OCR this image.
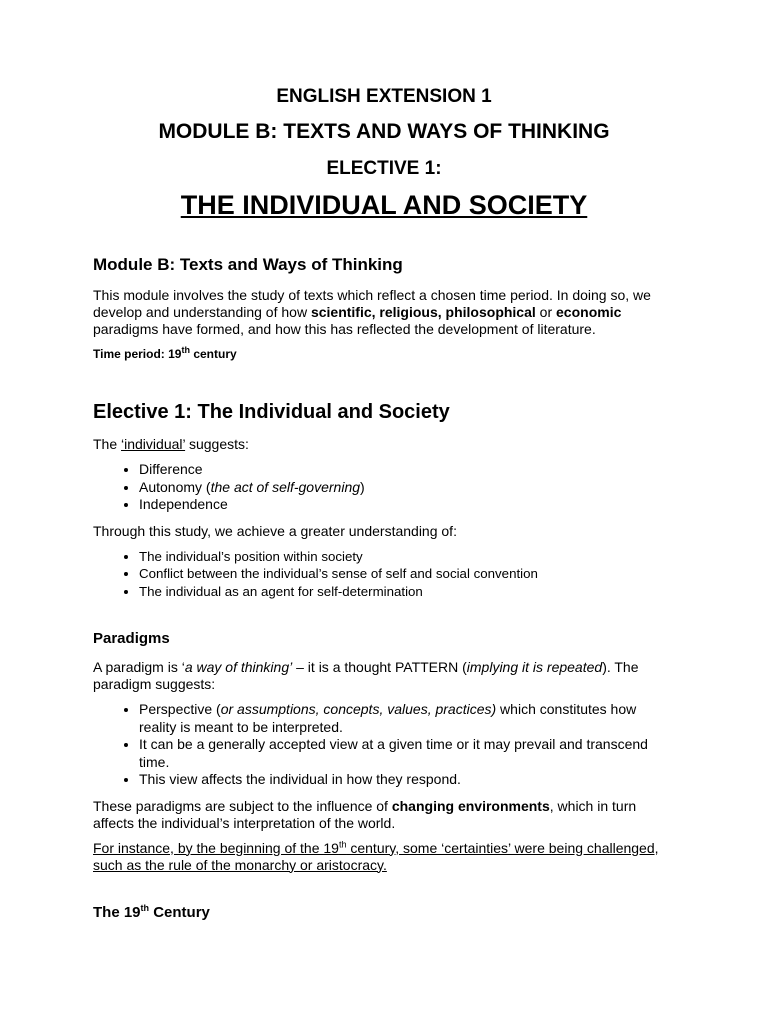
ENGLISH EXTENSION 1
MODULE B: TEXTS AND WAYS OF THINKING
ELECTIVE 1:
THE INDIVIDUAL AND SOCIETY
Module B: Texts and Ways of Thinking

This module involves the study of texts which reflect a chosen time period. In doing so, we develop and understanding of how scientific, religious, philosophical or economic paradigms have formed, and how this has reflected the development of literature.

Time period: 19th century

Elective 1: The Individual and Society

The ‘individual’ suggests:

• Difference
• Autonomy (the act of self-governing)
• Independence

Through this study, we achieve a greater understanding of:

• The individual’s position within society
• Conflict between the individual’s sense of self and social convention
• The individual as an agent for self-determination
Paradigms

A paradigm is ‘a way of thinking’ – it is a thought PATTERN (implying it is repeated). The paradigm suggests:

• Perspective (or assumptions, concepts, values, practices) which constitutes how reality is meant to be interpreted.
• It can be a generally accepted view at a given time or it may prevail and transcend time.
• This view affects the individual in how they respond.

These paradigms are subject to the influence of changing environments, which in turn affects the individual’s interpretation of the world.

For instance, by the beginning of the 19th century, some ‘certainties’ were being challenged, such as the rule of the monarchy or aristocracy.

The 19th Century
